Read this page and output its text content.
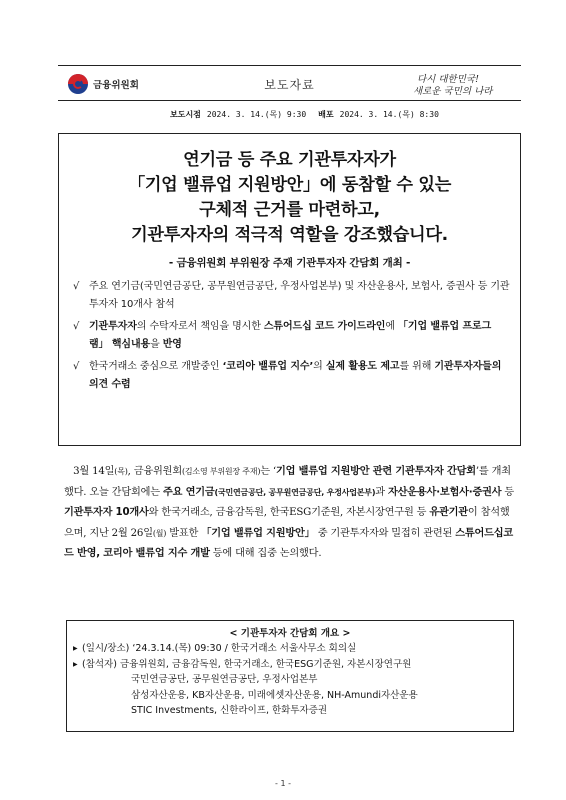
금융위원회	보도자료	다시 대한민국!
새로운 국민의 나라
보도시점 2024. 3. 14.(목) 9:30 배포 2024. 3. 14.(목) 8:30
연기금 등 주요 기관투자자가
「기업 밸류업 지원방안」에 동참할 수 있는
구체적 근거를 마련하고,
기관투자자의 적극적 역할을 강조했습니다.
- 금융위원회 부위원장 주재 기관투자자 간담회 개최 -
√ 주요 연기금(국민연금공단, 공무원연금공단, 우정사업본부) 및 자산운용사, 보험사, 증권사 등 기관투자자 10개사 참석
√ 기관투자자의 수탁자로서 책임을 명시한 스튜어드십 코드 가이드라인에 「기업 밸류업 프로그램」 핵심내용을 반영
√ 한국거래소 중심으로 개발중인 ‘코리아 밸류업 지수’의 실제 활용도 제고를 위해 기관투자자들의 의견 수렴
3월 14일(목), 금융위원회(김소영 부위원장 주재)는 ‘기업 밸류업 지원방안 관련 기관투자자 간담회’를 개최했다. 오늘 간담회에는 주요 연기금(국민연금공단, 공무원연금공단, 우정사업본부)과 자산운용사·보험사·증권사 등 기관투자자 10개사와 한국거래소, 금융감독원, 한국ESG기준원, 자본시장연구원 등 유관기관이 참석했으며, 지난 2월 26일(월) 발표한 「기업 밸류업 지원방안」 중 기관투자자와 밀접히 관련된 스튜어드십코드 반영, 코리아 밸류업 지수 개발 등에 대해 집중 논의했다.
< 기관투자자 간담회 개요 >
▶ (일시/장소) ‘24.3.14.(목) 09:30 / 한국거래소 서울사무소 회의실
▶ (참석자) 금융위원회, 금융감독원, 한국거래소, 한국ESG기준원, 자본시장연구원
국민연금공단, 공무원연금공단, 우정사업본부
삼성자산운용, KB자산운용, 미래에셋자산운용, NH-Amundi자산운용
STIC Investments, 신한라이프, 한화투자증권
- 1 -
